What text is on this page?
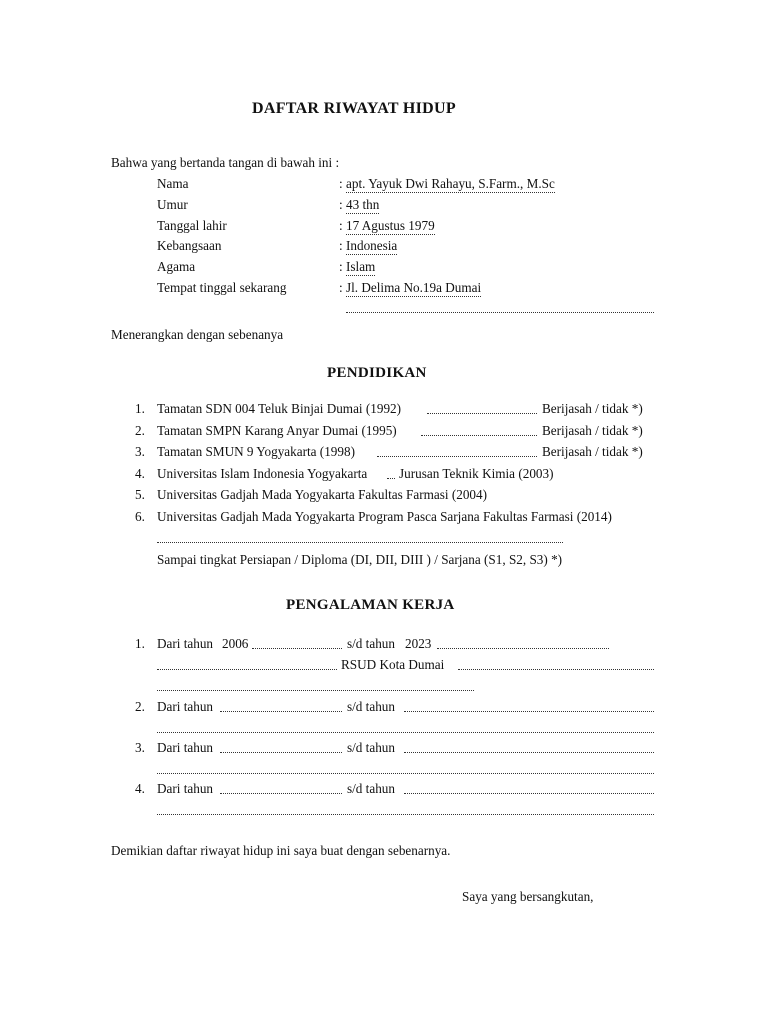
DAFTAR RIWAYAT HIDUP
Bahwa yang bertanda tangan di bawah ini :
Nama	: apt. Yayuk Dwi Rahayu, S.Farm., M.Sc
Umur	: 43 thn
Tanggal lahir	: 17 Agustus 1979
Kebangsaan	: Indonesia
Agama	: Islam
Tempat tinggal sekarang	: Jl. Delima No.19a Dumai
Menerangkan dengan sebenanya
PENDIDIKAN
1. Tamatan SDN 004 Teluk Binjai Dumai (1992)	Berijasah / tidak *)
2. Tamatan SMPN Karang Anyar Dumai (1995)	Berijasah / tidak *)
3. Tamatan SMUN 9 Yogyakarta (1998)	Berijasah / tidak *)
4. Universitas Islam Indonesia Yogyakarta Jurusan Teknik Kimia (2003)
5. Universitas Gadjah Mada Yogyakarta Fakultas Farmasi (2004)
6. Universitas Gadjah Mada Yogyakarta Program Pasca Sarjana Fakultas Farmasi (2014)
Sampai tingkat Persiapan / Diploma (DI, DII, DIII ) / Sarjana (S1, S2, S3) *)
PENGALAMAN KERJA
1. Dari tahun 2006	s/d tahun 2023
RSUD Kota Dumai
2. Dari tahun	s/d tahun
3. Dari tahun	s/d tahun
4. Dari tahun	s/d tahun
Demikian daftar riwayat hidup ini saya buat dengan sebenarnya.
Saya yang bersangkutan,
